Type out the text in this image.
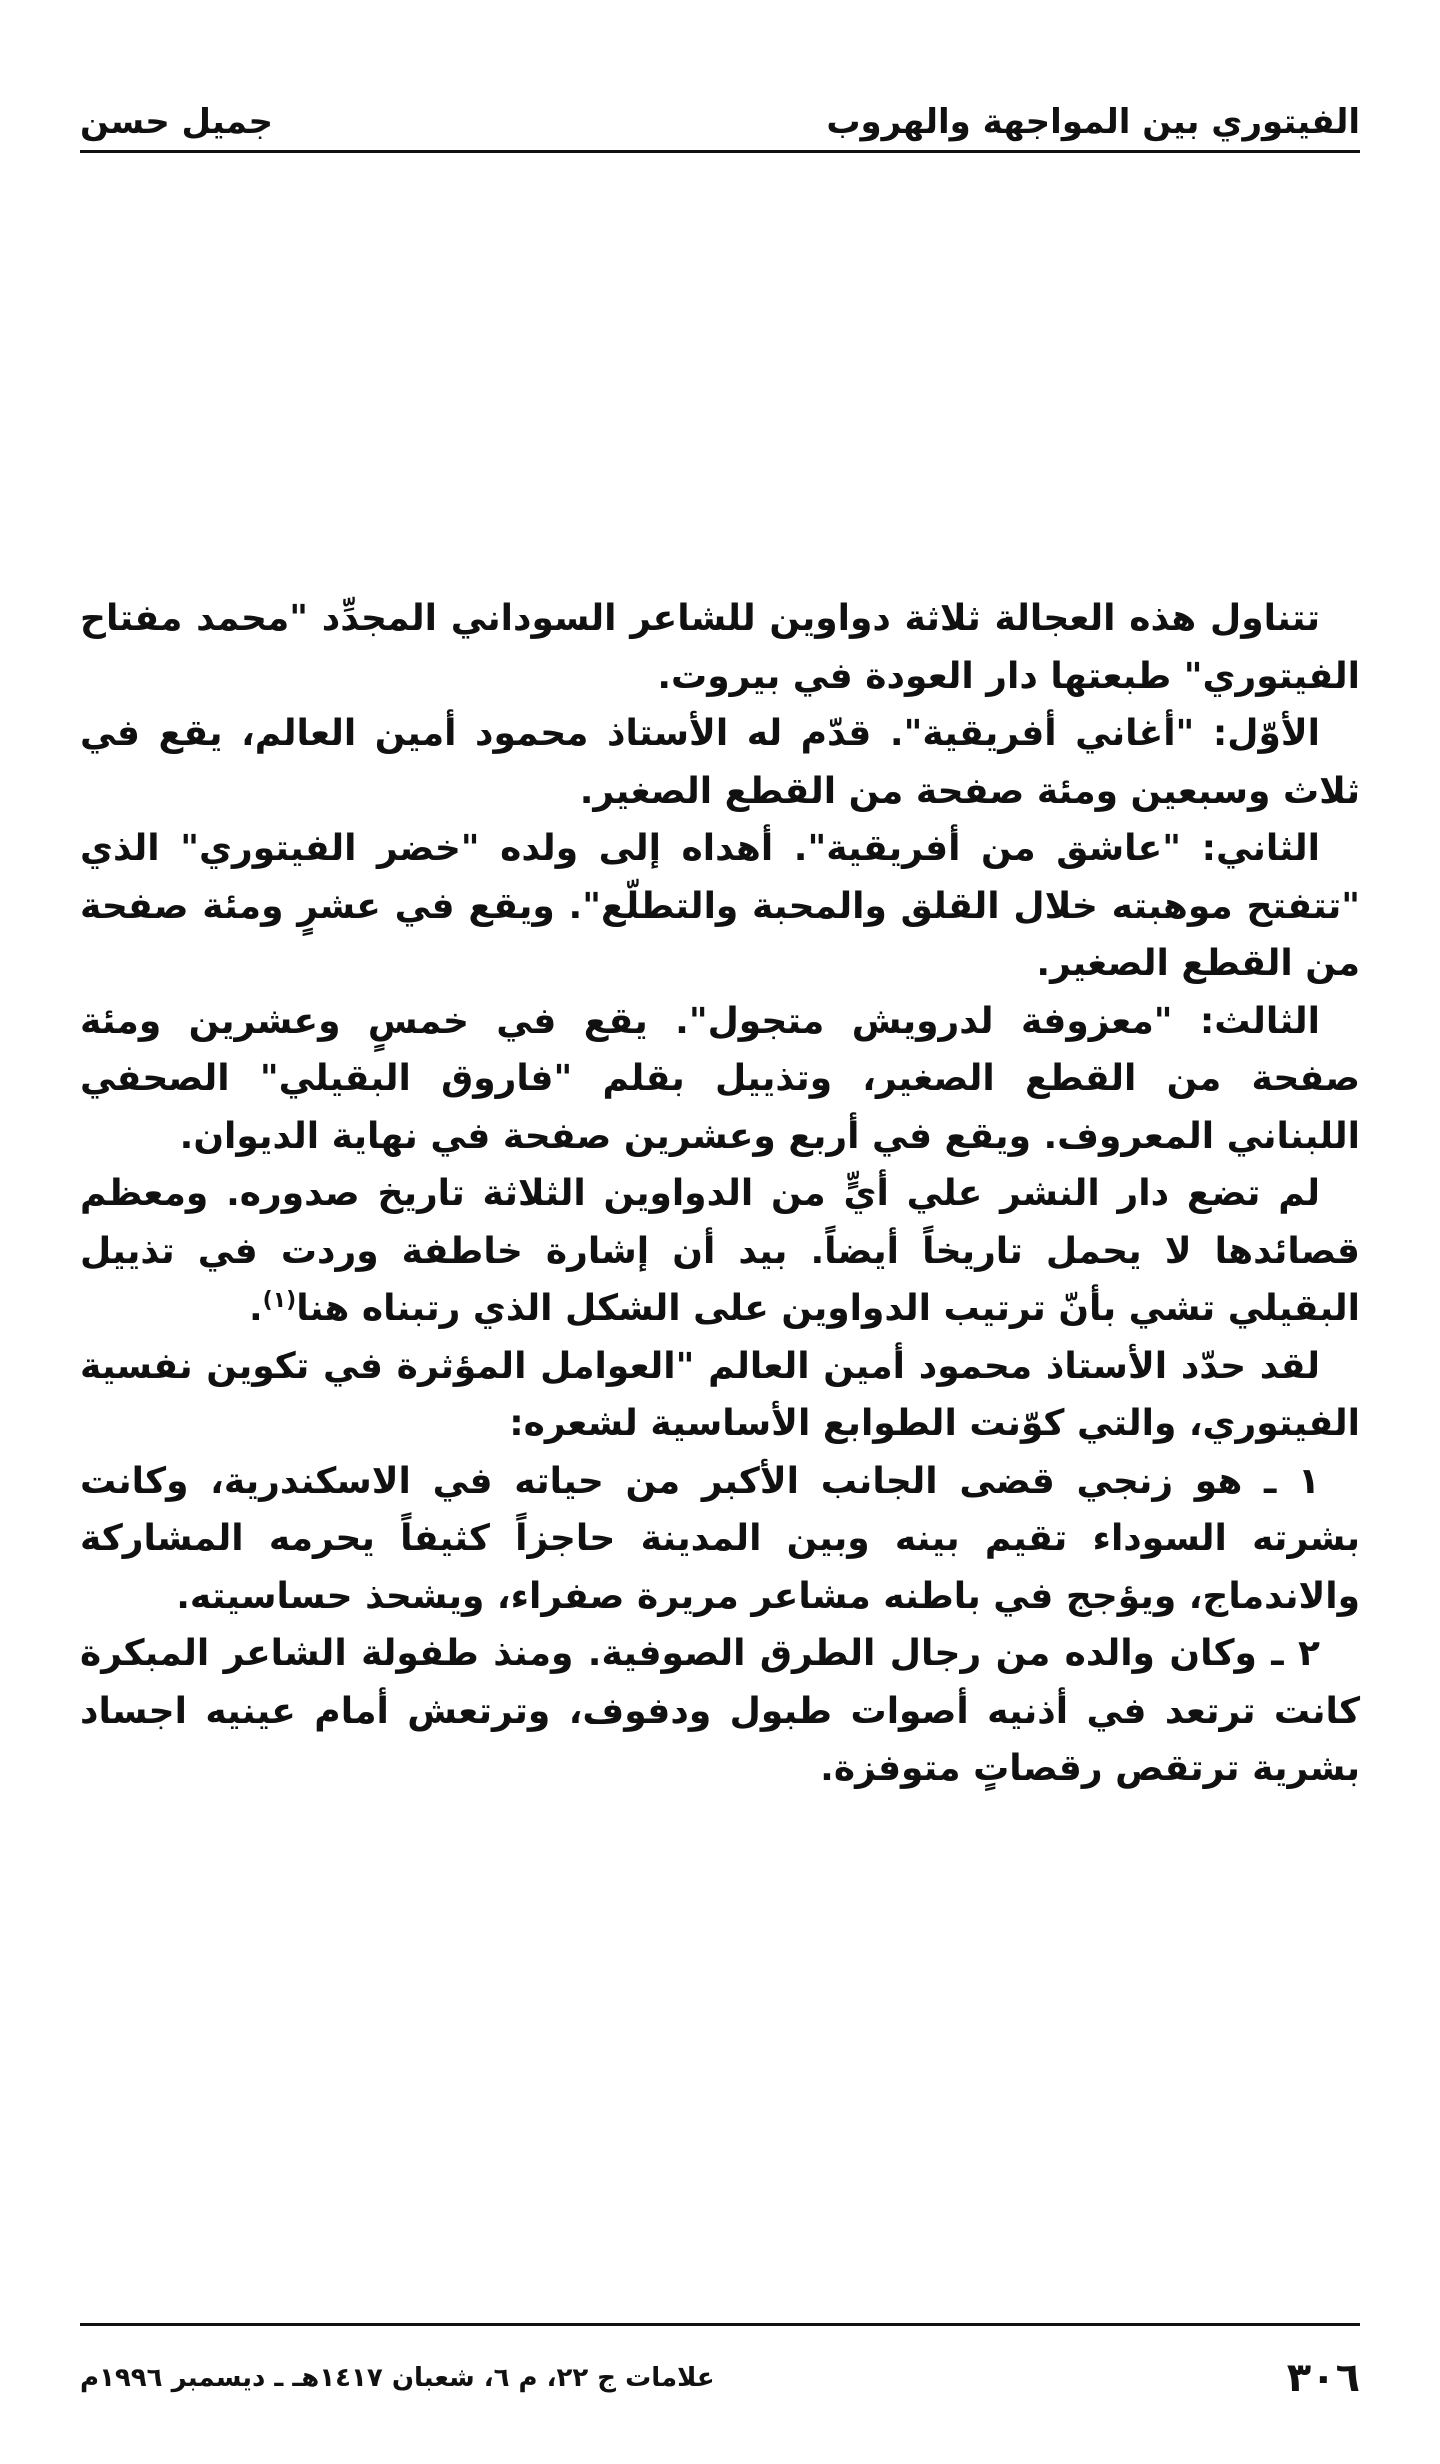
جميل حسن	الفيتوري بين المواجهة والهروب

تتناول هذه العجالة ثلاثة دواوين للشاعر السوداني المجدِّد "محمد مفتاح الفيتوري" طبعتها دار العودة في بيروت.

الأوّل: "أغاني أفريقية". قدّم له الأستاذ محمود أمين العالم، يقع في ثلاث وسبعين ومئة صفحة من القطع الصغير.

الثاني: "عاشق من أفريقية". أهداه إلى ولده "خضر الفيتوري" الذي "تتفتح موهبته خلال القلق والمحبة والتطلّع". ويقع في عشرٍ ومئة صفحة من القطع الصغير.

الثالث: "معزوفة لدرويش متجول". يقع في خمسٍ وعشرين ومئة صفحة من القطع الصغير، وتذييل بقلم "فاروق البقيلي" الصحفي اللبناني المعروف. ويقع في أربع وعشرين صفحة في نهاية الديوان.

لم تضع دار النشر علي أيٍّ من الدواوين الثلاثة تاريخ صدوره. ومعظم قصائدها لا يحمل تاريخاً أيضاً. بيد أن إشارة خاطفة وردت في تذييل البقيلي تشي بأنّ ترتيب الدواوين على الشكل الذي رتبناه هنا$^{(١)}$.

لقد حدّد الأستاذ محمود أمين العالم "العوامل المؤثرة في تكوين نفسية الفيتوري، والتي كوّنت الطوابع الأساسية لشعره:

١ ـ هو زنجي قضى الجانب الأكبر من حياته في الاسكندرية، وكانت بشرته السوداء تقيم بينه وبين المدينة حاجزاً كثيفاً يحرمه المشاركة والاندماج، ويؤجج في باطنه مشاعر مريرة صفراء، ويشحذ حساسيته.

٢ ـ وكان والده من رجال الطرق الصوفية. ومنذ طفولة الشاعر المبكرة كانت ترتعد في أذنيه أصوات طبول ودفوف، وترتعش أمام عينيه اجساد بشرية ترتقص رقصاتٍ متوفزة.

علامات ج ٢٢، م ٦، شعبان ١٤١٧هـ ـ ديسمبر ١٩٩٦م	٣٠٦
